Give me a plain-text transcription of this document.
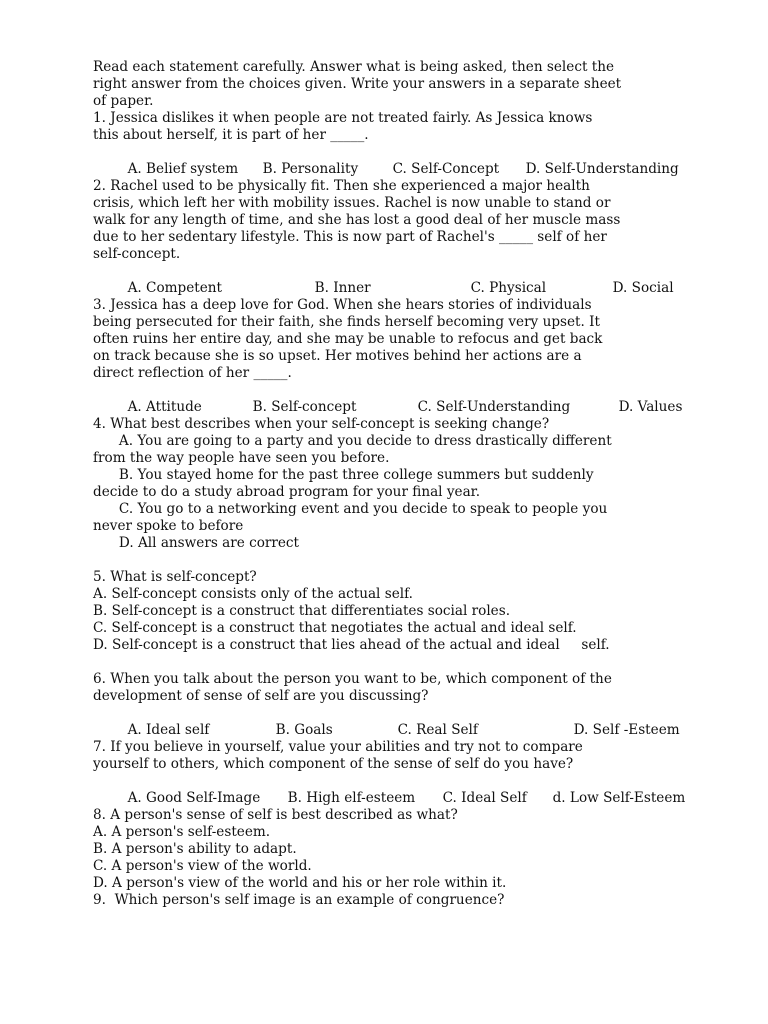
Read each statement carefully. Answer what is being asked, then select the
right answer from the choices given. Write your answers in a separate sheet
of paper.
1. Jessica dislikes it when people are not treated fairly. As Jessica knows
this about herself, it is part of her _____.

A. Belief system B. Personality	C. Self-Concept D. Self-Understanding

2. Rachel used to be physically fit. Then she experienced a major health
crisis, which left her with mobility issues. Rachel is now unable to stand or
walk for any length of time, and she has lost a good deal of her muscle mass
due to her sedentary lifestyle. This is now part of Rachel's _____ self of her
self-concept.

A. Competent	B. Inner	C. Physical	D. Social

3. Jessica has a deep love for God. When she hears stories of individuals
being persecuted for their faith, she finds herself becoming very upset. It
often ruins her entire day, and she may be unable to refocus and get back
on track because she is so upset. Her motives behind her actions are a
direct reflection of her _____.

A. Attitude	B. Self-concept	C. Self-Understanding	D. Values

4. What best describes when your self-concept is seeking change?
A. You are going to a party and you decide to dress drastically different
from the way people have seen you before.
B. You stayed home for the past three college summers but suddenly
decide to do a study abroad program for your final year.
C. You go to a networking event and you decide to speak to people you
never spoke to before
D. All answers are correct
5. What is self-concept?
A. Self-concept consists only of the actual self.
B. Self-concept is a construct that differentiates social roles.
C. Self-concept is a construct that negotiates the actual and ideal self.
D. Self-concept is a construct that lies ahead of the actual and ideal     self.
6. When you talk about the person you want to be, which component of the
development of sense of self are you discussing?

A. Ideal self	B. Goals	C. Real Self	D. Self -Esteem

7. If you believe in yourself, value your abilities and try not to compare
yourself to others, which component of the sense of self do you have?

A. Good Self-Image B. High elf-esteem C. Ideal Self d. Low Self-Esteem

8. A person's sense of self is best described as what?
A. A person's self-esteem.
B. A person's ability to adapt.
C. A person's view of the world.
D. A person's view of the world and his or her role within it.
9.  Which person's self image is an example of congruence?
